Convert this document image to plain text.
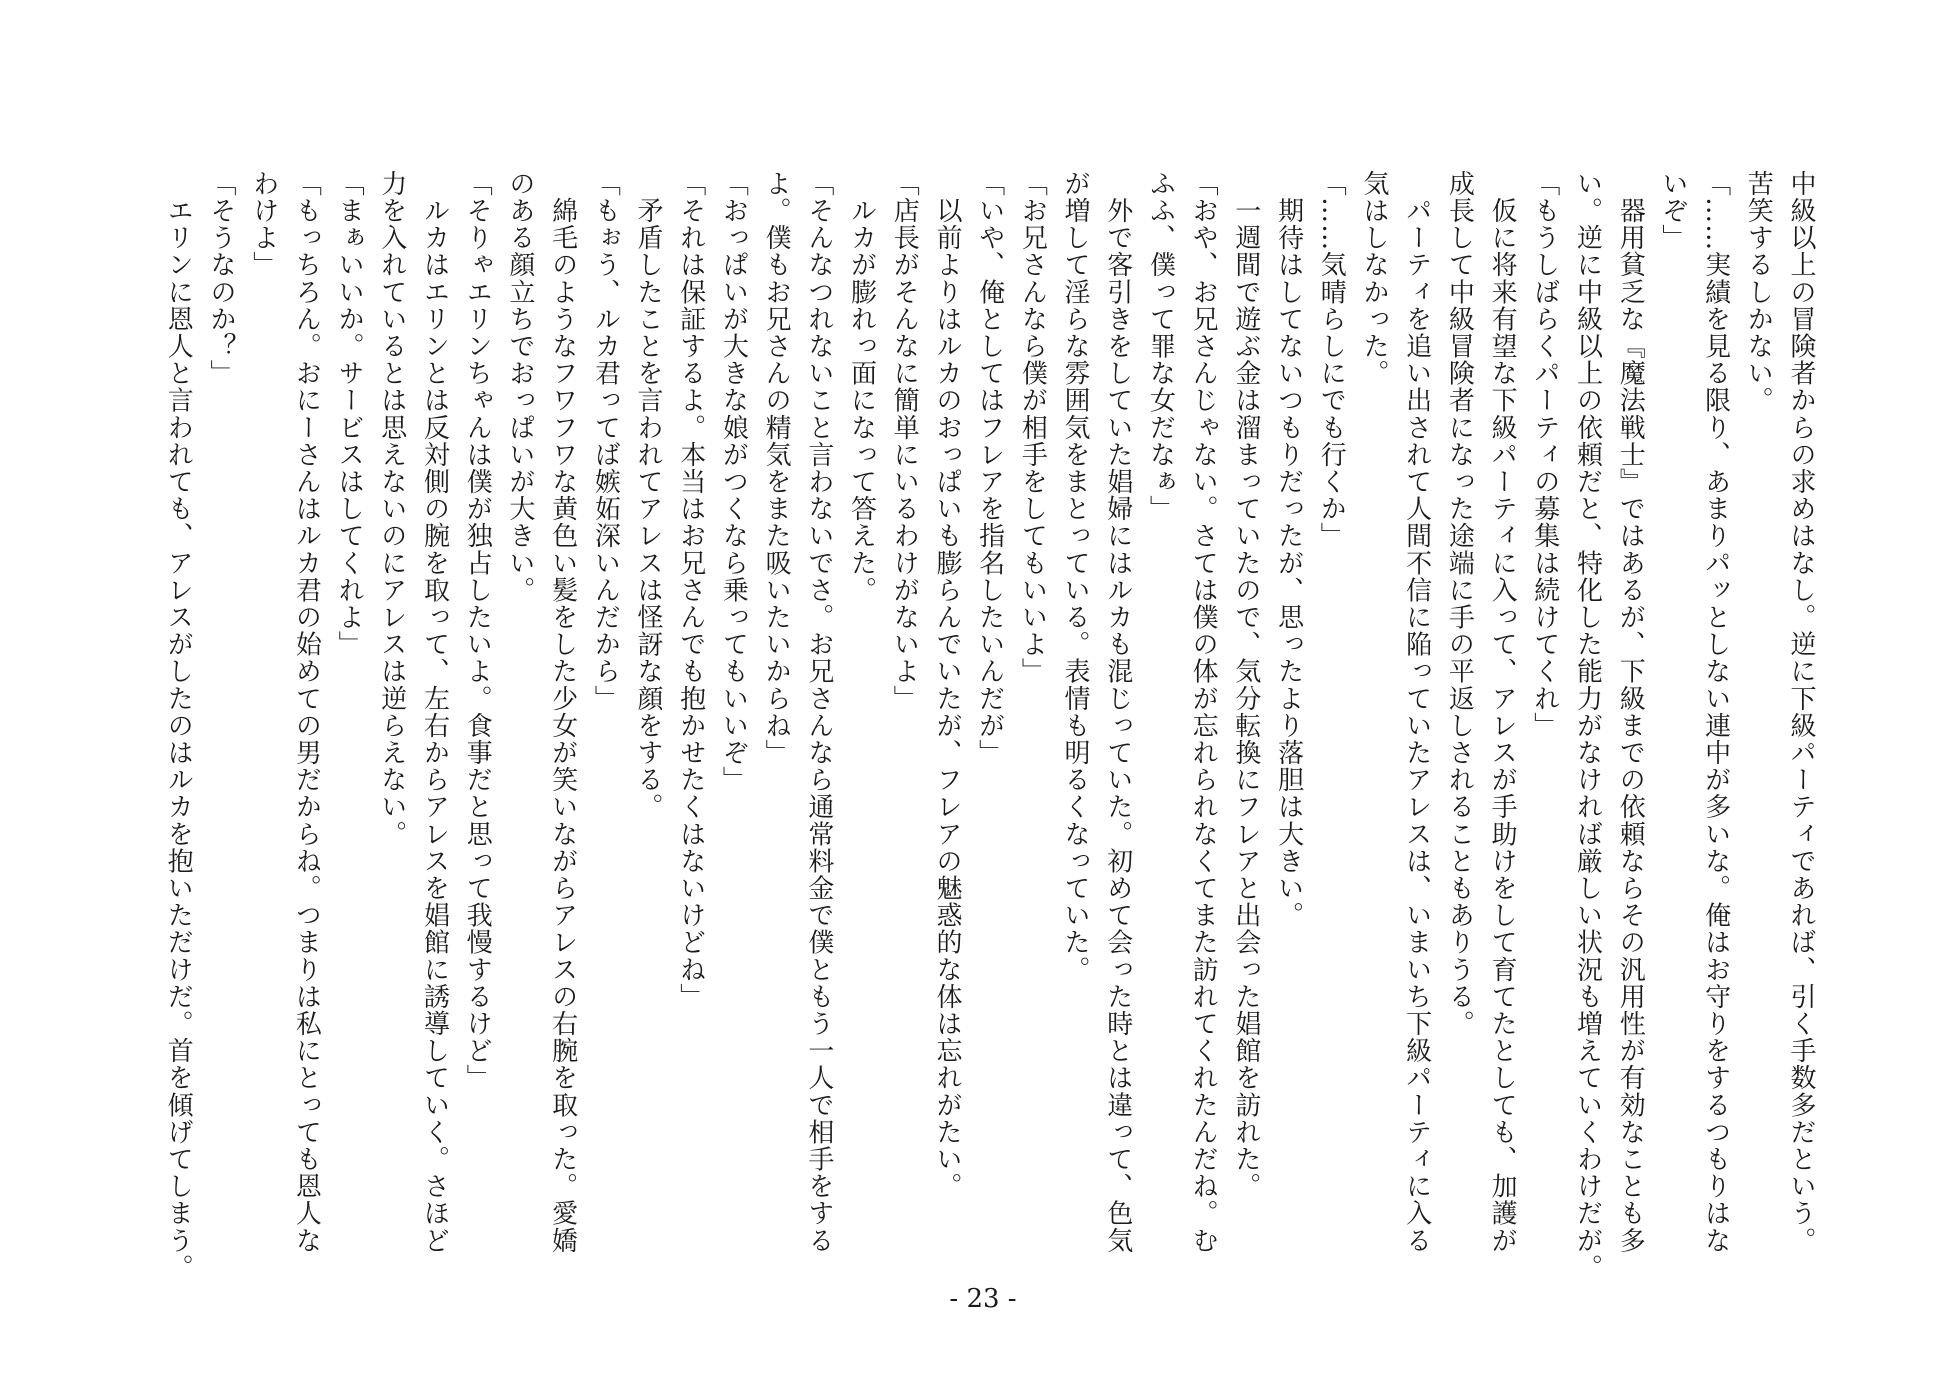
中級以上の冒険者からの求めはなし。逆に下級パーティであれば、引く手数多だという。

苦笑するしかない。

「……実績を見る限り、あまりパッとしない連中が多いな。俺はお守りをするつもりはな

いぞ」

　器用貧乏な『魔法戦士』ではあるが、下級までの依頼ならその汎用性が有効なことも多

い。逆に中級以上の依頼だと、特化した能力がなければ厳しい状況も増えていくわけだが。

「もうしばらくパーティの募集は続けてくれ」

　仮に将来有望な下級パーティに入って、アレスが手助けをして育てたとしても、加護が

成長して中級冒険者になった途端に手の平返しされることもありうる。

　パーティを追い出されて人間不信に陥っていたアレスは、いまいち下級パーティに入る

気はしなかった。

「……気晴らしにでも行くか」

　期待はしてないつもりだったが、思ったより落胆は大きい。

　一週間で遊ぶ金は溜まっていたので、気分転換にフレアと出会った娼館を訪れた。

「おや、お兄さんじゃない。さては僕の体が忘れられなくてまた訪れてくれたんだね。む

ふふ、僕って罪な女だなぁ」

　外で客引きをしていた娼婦にはルカも混じっていた。初めて会った時とは違って、色気

が増して淫らな雰囲気をまとっている。表情も明るくなっていた。

「お兄さんなら僕が相手をしてもいいよ」

「いや、俺としてはフレアを指名したいんだが」

　以前よりはルカのおっぱいも膨らんでいたが、フレアの魅惑的な体は忘れがたい。

「店長がそんなに簡単にいるわけがないよ」

　ルカが膨れっ面になって答えた。

「そんなつれないこと言わないでさ。お兄さんなら通常料金で僕ともう一人で相手をする

よ。僕もお兄さんの精気をまた吸いたいからね」

「おっぱいが大きな娘がつくなら乗ってもいいぞ」

「それは保証するよ。本当はお兄さんでも抱かせたくはないけどね」

　矛盾したことを言われてアレスは怪訝な顔をする。

「もぉう、ルカ君ってば嫉妬深いんだから」

　綿毛のようなフワフワな黄色い髪をした少女が笑いながらアレスの右腕を取った。愛嬌

のある顔立ちでおっぱいが大きい。

「そりゃエリンちゃんは僕が独占したいよ。食事だと思って我慢するけど」

　ルカはエリンとは反対側の腕を取って、左右からアレスを娼館に誘導していく。さほど

力を入れているとは思えないのにアレスは逆らえない。

「まぁいいか。サービスはしてくれよ」

「もっちろん。おにーさんはルカ君の始めての男だからね。つまりは私にとっても恩人な

わけよ」

「そうなのか？」

　エリンに恩人と言われても、アレスがしたのはルカを抱いただけだ。首を傾げてしまう。

- 23 -
